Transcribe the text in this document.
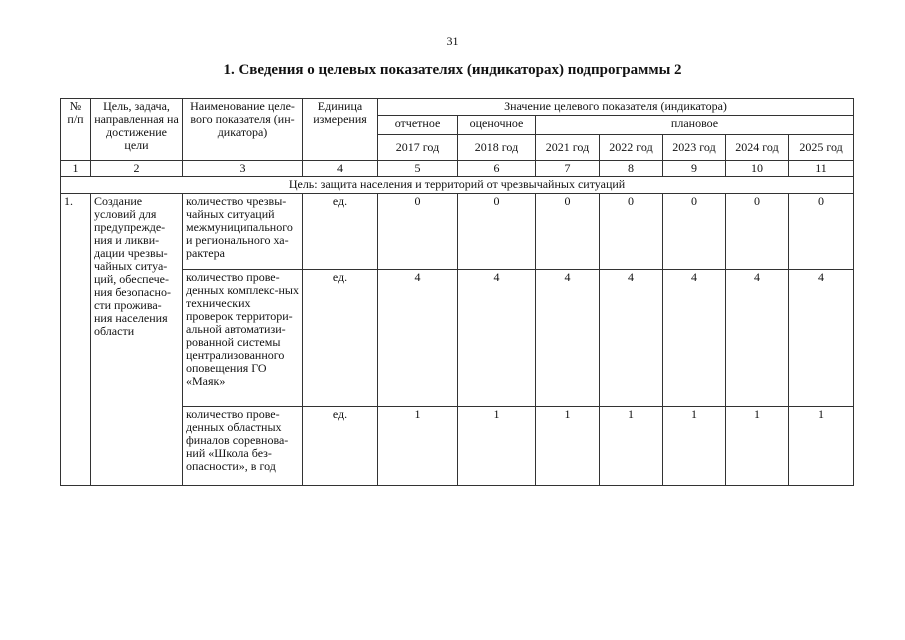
31
1. Сведения о целевых показателях (индикаторах) подпрограммы 2
№ п/п	Цель, задача, направленная на достижение цели	Наименование целе-вого показателя (ин-дикатора)	Единица измерения	Значение целевого показателя (индикатора)						
				отчетное	оценочное	плановое				
				2017 год	2018 год	2021 год	2022 год	2023 год	2024 год	2025 год
1	2	3	4	5	6	7	8	9	10	11
Цель: защита населения и территорий от чрезвычайных ситуаций										
1.	Создание условий для предупрежде-ния и ликви-дации чрезвы-чайных ситуа-ций, обеспече-ния безопасно-сти прожива-ния населения области	количество чрезвы-чайных ситуаций межмуниципального и регионального ха-рактера	ед.	0	0	0	0	0	0	0
		количество прове-денных комплекс-ных технических проверок территори-альной автоматизи-рованной системы централизованного оповещения ГО «Маяк»	ед.	4	4	4	4	4	4	4
		количество прове-денных областных финалов соревнова-ний «Школа без-опасности», в год	ед.	1	1	1	1	1	1	1
